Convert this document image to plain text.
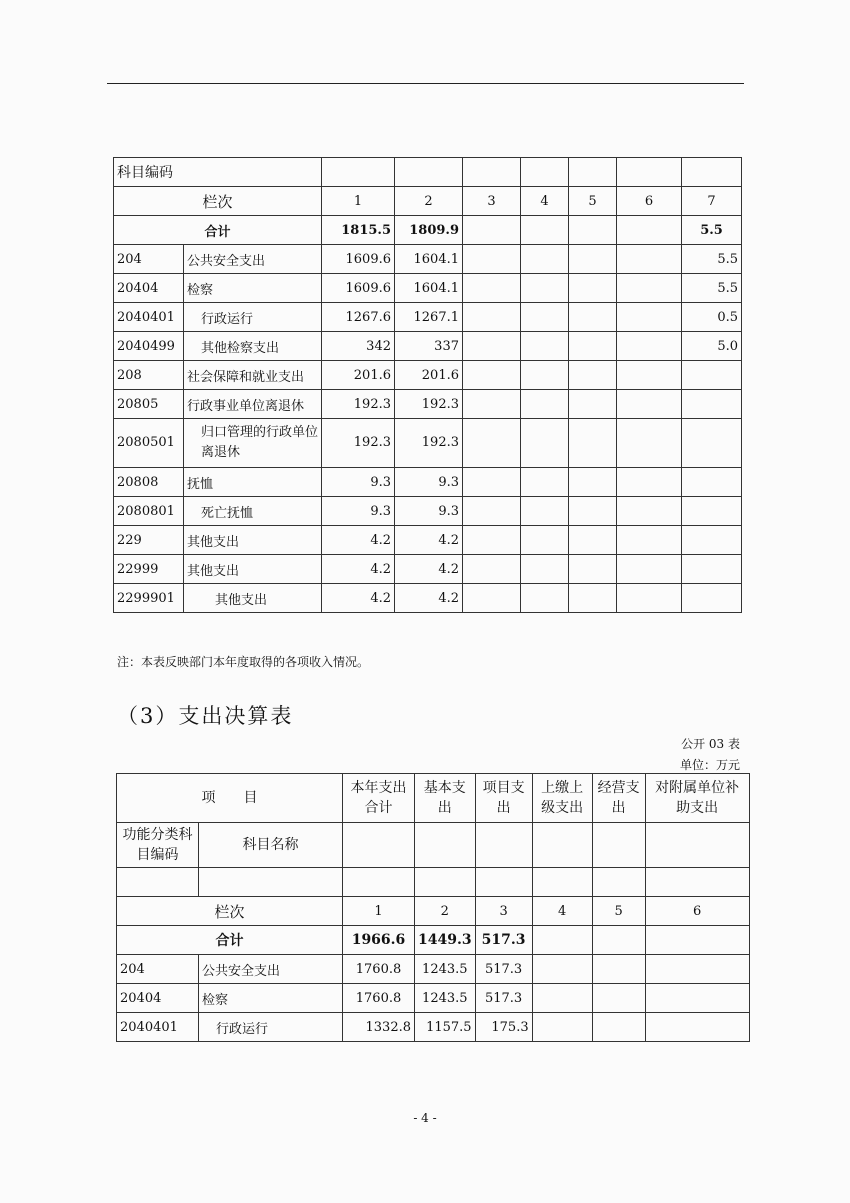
科目编码								
栏次		1	2	3	4	5	6	7
合计		1815.5	1809.9					5.5
204	公共安全支出	1609.6	1604.1					5.5
20404	检察	1609.6	1604.1					5.5
2040401	行政运行	1267.6	1267.1					0.5
2040499	其他检察支出	342	337					5.0
208	社会保障和就业支出	201.6	201.6					
20805	行政事业单位离退休	192.3	192.3					
2080501	归口管理的行政单位离退休	192.3	192.3					
20808	抚恤	9.3	9.3					
2080801	死亡抚恤	9.3	9.3					
229	其他支出	4.2	4.2					
22999	其他支出	4.2	4.2					
2299901	其他支出	4.2	4.2					
注：本表反映部门本年度取得的各项收入情况。
（3）支出决算表
公开 03 表
单位：万元
项　　目		本年支出合计	基本支出	项目支出	上缴上级支出	经营支出	对附属单位补助支出
功能分类科目编码	科目名称						

栏次		1	2	3	4	5	6
合计		1966.6	1449.3	517.3			
204	公共安全支出	1760.8	1243.5	517.3			
20404	检察	1760.8	1243.5	517.3			
2040401	行政运行	1332.8	1157.5	175.3			
- 4 -
